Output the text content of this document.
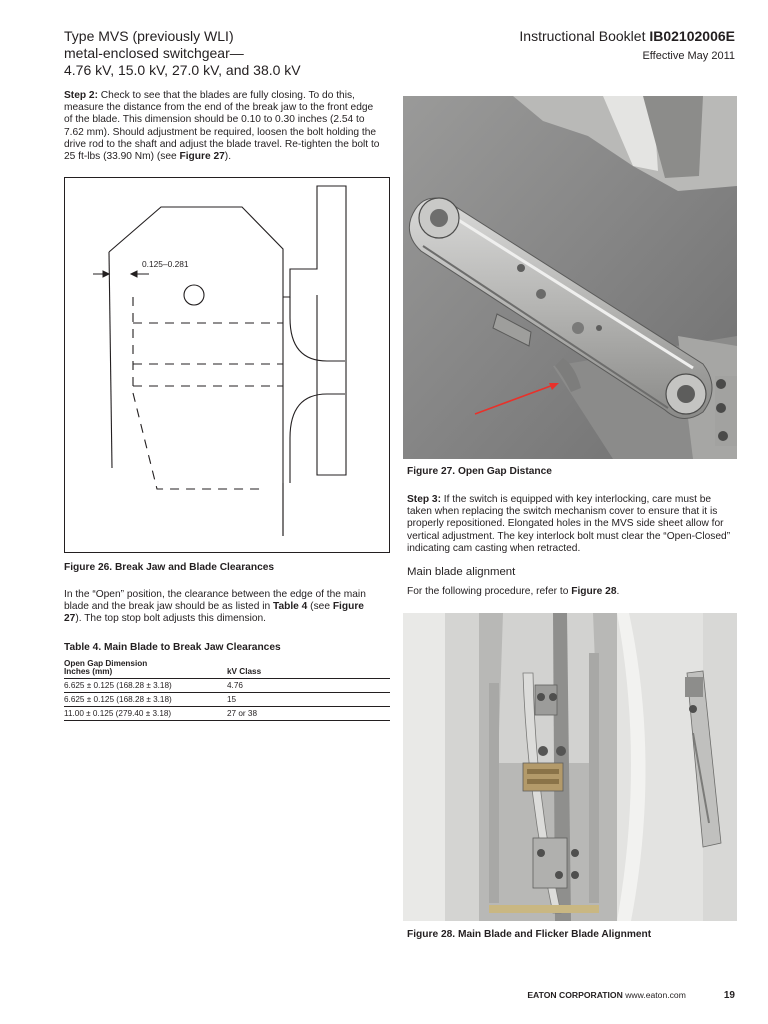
Type MVS (previously WLI)
metal-enclosed switchgear—
4.76 kV, 15.0 kV, 27.0 kV, and 38.0 kV
Instructional Booklet IB02102006E
Effective May 2011
Step 2: Check to see that the blades are fully closing. To do this, measure the distance from the end of the break jaw to the front edge of the blade. This dimension should be 0.10 to 0.30 inches (2.54 to 7.62 mm). Should adjustment be required, loosen the bolt holding the drive rod to the shaft and adjust the blade travel. Re-tighten the bolt to 25 ft-lbs (33.90 Nm) (see Figure 27).
0.125–0.281
Figure 26. Break Jaw and Blade Clearances
In the “Open” position, the clearance between the edge of the main blade and the break jaw should be as listed in Table 4 (see Figure 27). The top stop bolt adjusts this dimension.
Table 4. Main Blade to Break Jaw Clearances
Open Gap Dimension
Inches (mm)	kV Class
6.625 ± 0.125 (168.28 ± 3.18)	4.76
6.625 ± 0.125 (168.28 ± 3.18)	15
11.00 ± 0.125 (279.40 ± 3.18)	27 or 38
Figure 27. Open Gap Distance
Step 3: If the switch is equipped with key interlocking, care must be taken when replacing the switch mechanism cover to ensure that it is properly repositioned. Elongated holes in the MVS side sheet allow for vertical adjustment. The key interlock bolt must clear the “Open-Closed” indicating cam casting when retracted.
Main blade alignment
For the following procedure, refer to Figure 28.
Figure 28. Main Blade and Flicker Blade Alignment
EATON CORPORATION www.eaton.com	19
